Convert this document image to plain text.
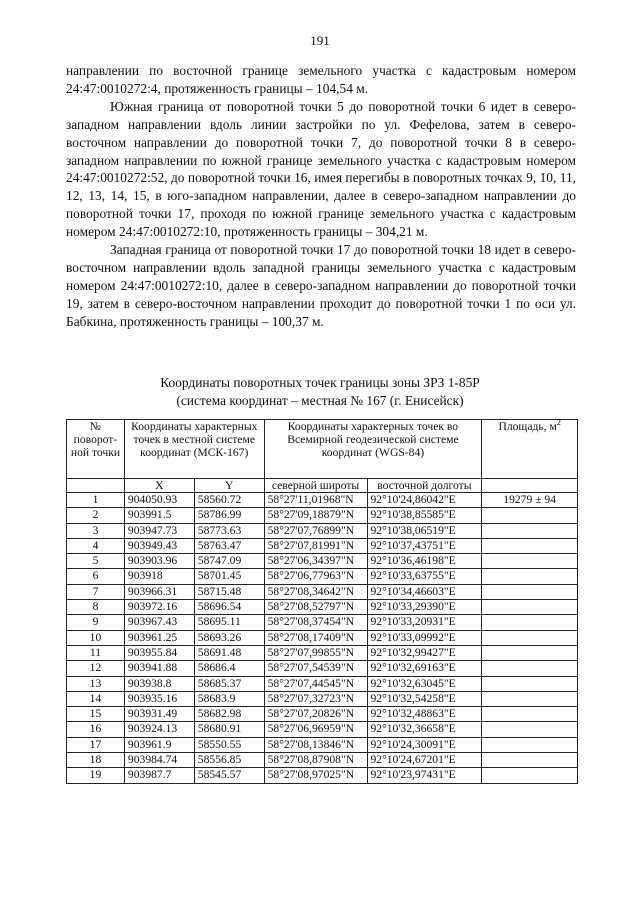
191

направлении по восточной границе земельного участка с кадастровым номером 24:47:0010272:4, протяженность границы – 104,54 м.

Южная граница от поворотной точки 5 до поворотной точки 6 идет в северо-западном направлении вдоль линии застройки по ул. Фефелова, затем в северо-восточном направлении до поворотной точки 7, до поворотной точки 8 в северо-западном направлении по южной границе земельного участка с кадастровым номером 24:47:0010272:52, до поворотной точки 16, имея перегибы в поворотных точках 9, 10, 11, 12, 13, 14, 15, в юго-западном направлении, далее в северо-западном направлении до поворотной точки 17, проходя по южной границе земельного участка с кадастровым номером 24:47:0010272:10, протяженность границы – 304,21 м.

Западная граница от поворотной точки 17 до поворотной точки 18 идет в северо-восточном направлении вдоль западной границы земельного участка с кадастровым номером 24:47:0010272:10, далее в северо-западном направлении до поворотной точки 19, затем в северо-восточном направлении проходит до поворотной точки 1 по оси ул. Бабкина, протяженность границы – 100,37 м.

Координаты поворотных точек границы зоны ЗРЗ 1-85Р
(система координат – местная № 167 (г. Енисейск)
№ поворот-ной точки	Координаты характерных точек в местной системе координат (МСК-167)		Координаты характерных точек во Всемирной геодезической системе координат (WGS-84)		Площадь, $м^2$

	X	Y	северной широты	восточной долготы	
1	904050.93	58560.72	58°27'11,01968"N	92°10'24,86042"E	19279 ± 94
2	903991.5	58786.99	58°27'09,18879"N	92°10'38,85585"E	
3	903947.73	58773.63	58°27'07,76899"N	92°10'38,06519"E	
4	903949.43	58763.47	58°27'07,81991"N	92°10'37,43751"E	
5	903903.96	58747.09	58°27'06,34397"N	92°10'36,46198"E	
6	903918	58701.45	58°27'06,77963"N	92°10'33,63755"E	
7	903966.31	58715.48	58°27'08,34642"N	92°10'34,46603"E	
8	903972.16	58696.54	58°27'08,52797"N	92°10'33,29390"E	
9	903967.43	58695.11	58°27'08,37454"N	92°10'33,20931"E	
10	903961.25	58693.26	58°27'08,17409"N	92°10'33,09992"E	
11	903955.84	58691.48	58°27'07,99855"N	92°10'32,99427"E	
12	903941.88	58686.4	58°27'07,54539"N	92°10'32,69163"E	
13	903938.8	58685.37	58°27'07,44545"N	92°10'32,63045"E	
14	903935.16	58683.9	58°27'07,32723"N	92°10'32,54258"E	
15	903931.49	58682.98	58°27'07,20826"N	92°10'32,48863"E	
16	903924.13	58680.91	58°27'06,96959"N	92°10'32,36658"E	
17	903961.9	58550.55	58°27'08,13846"N	92°10'24,30091"E	
18	903984.74	58556.85	58°27'08,87908"N	92°10'24,67201"E	
19	903987.7	58545.57	58°27'08,97025"N	92°10'23,97431"E	
